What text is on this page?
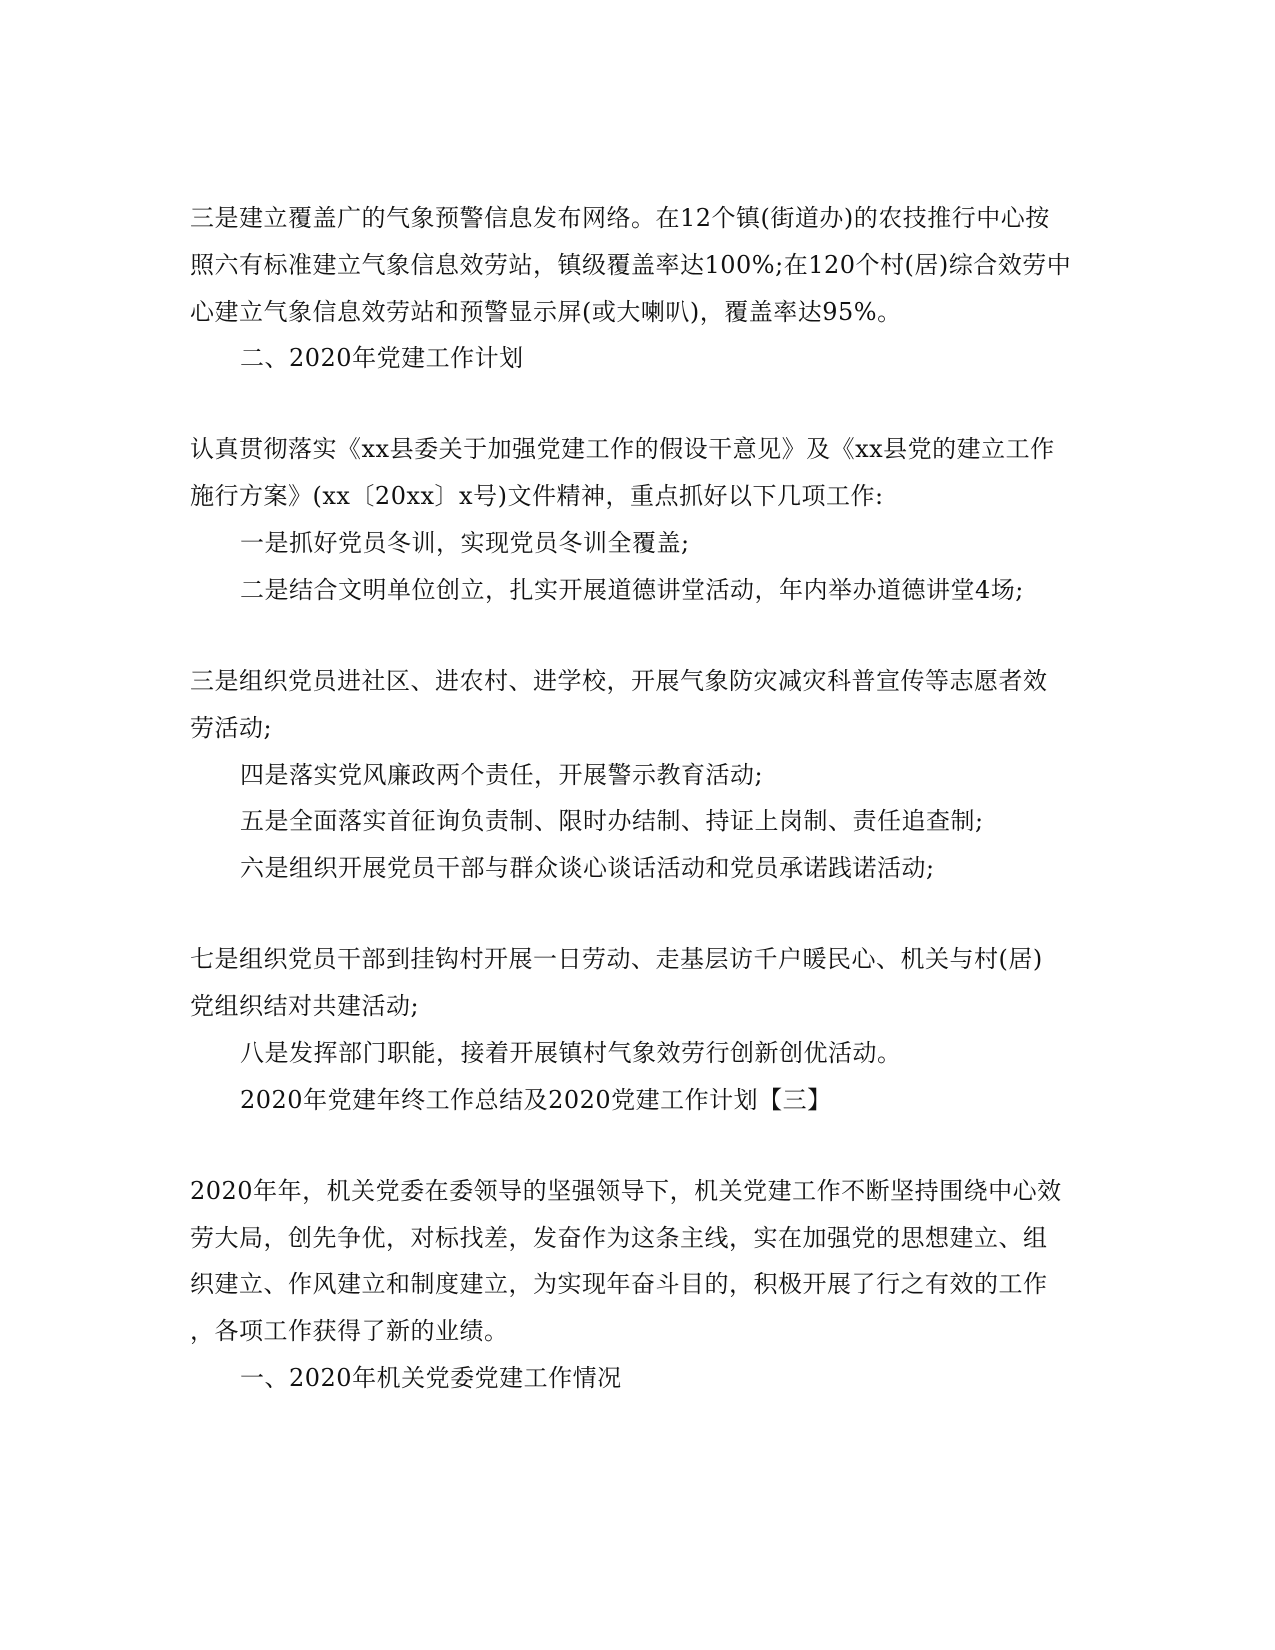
三是建立覆盖广的气象预警信息发布网络。在12个镇(街道办)的农技推行中心按
照六有标准建立气象信息效劳站，镇级覆盖率达100%;在120个村(居)综合效劳中
心建立气象信息效劳站和预警显示屏(或大喇叭)，覆盖率达95%。
二、2020年党建工作计划
认真贯彻落实《xx县委关于加强党建工作的假设干意见》及《xx县党的建立工作
施行方案》(xx〔20xx〕x号)文件精神，重点抓好以下几项工作:
一是抓好党员冬训，实现党员冬训全覆盖;
二是结合文明单位创立，扎实开展道德讲堂活动，年内举办道德讲堂4场;
三是组织党员进社区、进农村、进学校，开展气象防灾减灾科普宣传等志愿者效
劳活动;
四是落实党风廉政两个责任，开展警示教育活动;
五是全面落实首征询负责制、限时办结制、持证上岗制、责任追查制;
六是组织开展党员干部与群众谈心谈话活动和党员承诺践诺活动;
七是组织党员干部到挂钩村开展一日劳动、走基层访千户暖民心、机关与村(居)
党组织结对共建活动;
八是发挥部门职能，接着开展镇村气象效劳行创新创优活动。
2020年党建年终工作总结及2020党建工作计划【三】
2020年年，机关党委在委领导的坚强领导下，机关党建工作不断坚持围绕中心效
劳大局，创先争优，对标找差，发奋作为这条主线，实在加强党的思想建立、组
织建立、作风建立和制度建立，为实现年奋斗目的，积极开展了行之有效的工作
，各项工作获得了新的业绩。
一、2020年机关党委党建工作情况
